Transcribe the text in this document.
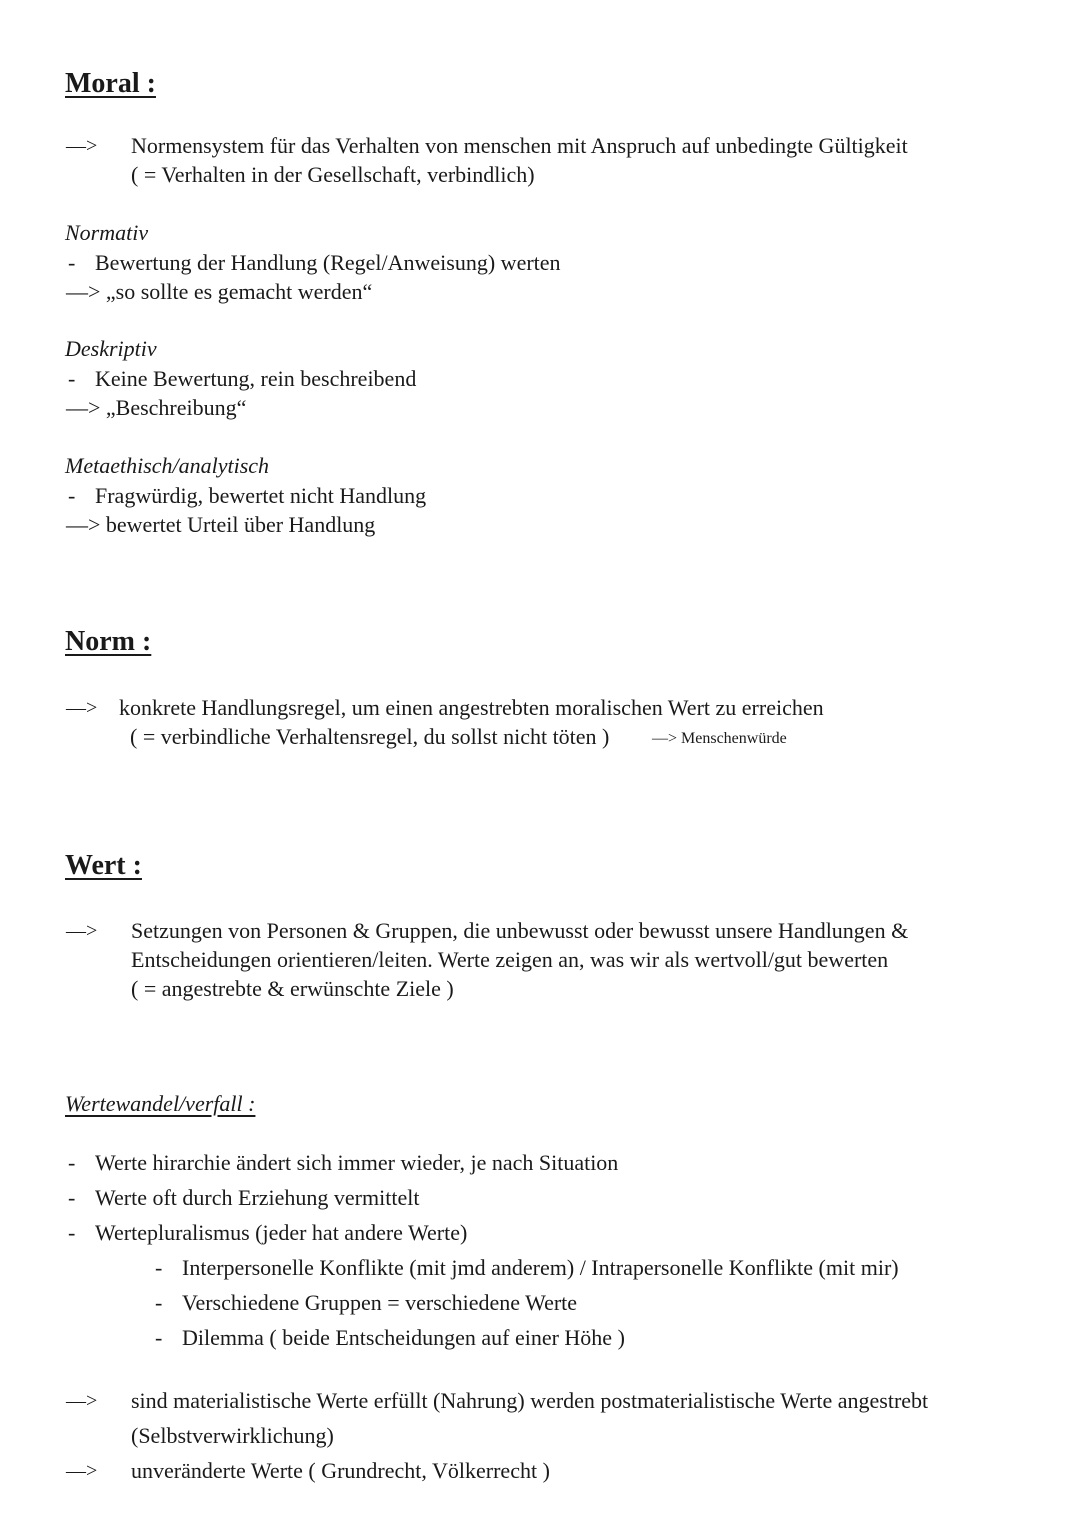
Moral :
—> Normensystem für das Verhalten von menschen mit Anspruch auf unbedingte Gültigkeit
( = Verhalten in der Gesellschaft, verbindlich)
Normativ
- Bewertung der Handlung (Regel/Anweisung) werten
—> „so sollte es gemacht werden“
Deskriptiv
- Keine Bewertung, rein beschreibend
—> „Beschreibung“
Metaethisch/analytisch
- Fragwürdig, bewertet nicht Handlung
—> bewertet Urteil über Handlung
Norm :
—> konkrete Handlungsregel, um einen angestrebten moralischen Wert zu erreichen
( = verbindliche Verhaltensregel, du sollst nicht töten )	—> Menschenwürde
Wert :
—> Setzungen von Personen & Gruppen, die unbewusst oder bewusst unsere Handlungen &
Entscheidungen orientieren/leiten. Werte zeigen an, was wir als wertvoll/gut bewerten
( = angestrebte & erwünschte Ziele )
Wertewandel/verfall :
- Werte hirarchie ändert sich immer wieder, je nach Situation
- Werte oft durch Erziehung vermittelt
- Wertepluralismus (jeder hat andere Werte)
- Interpersonelle Konflikte (mit jmd anderem) / Intrapersonelle Konflikte (mit mir)
- Verschiedene Gruppen = verschiedene Werte
- Dilemma ( beide Entscheidungen auf einer Höhe )
—> sind materialistische Werte erfüllt (Nahrung) werden postmaterialistische Werte angestrebt
(Selbstverwirklichung)
—> unveränderte Werte ( Grundrecht, Völkerrecht )
